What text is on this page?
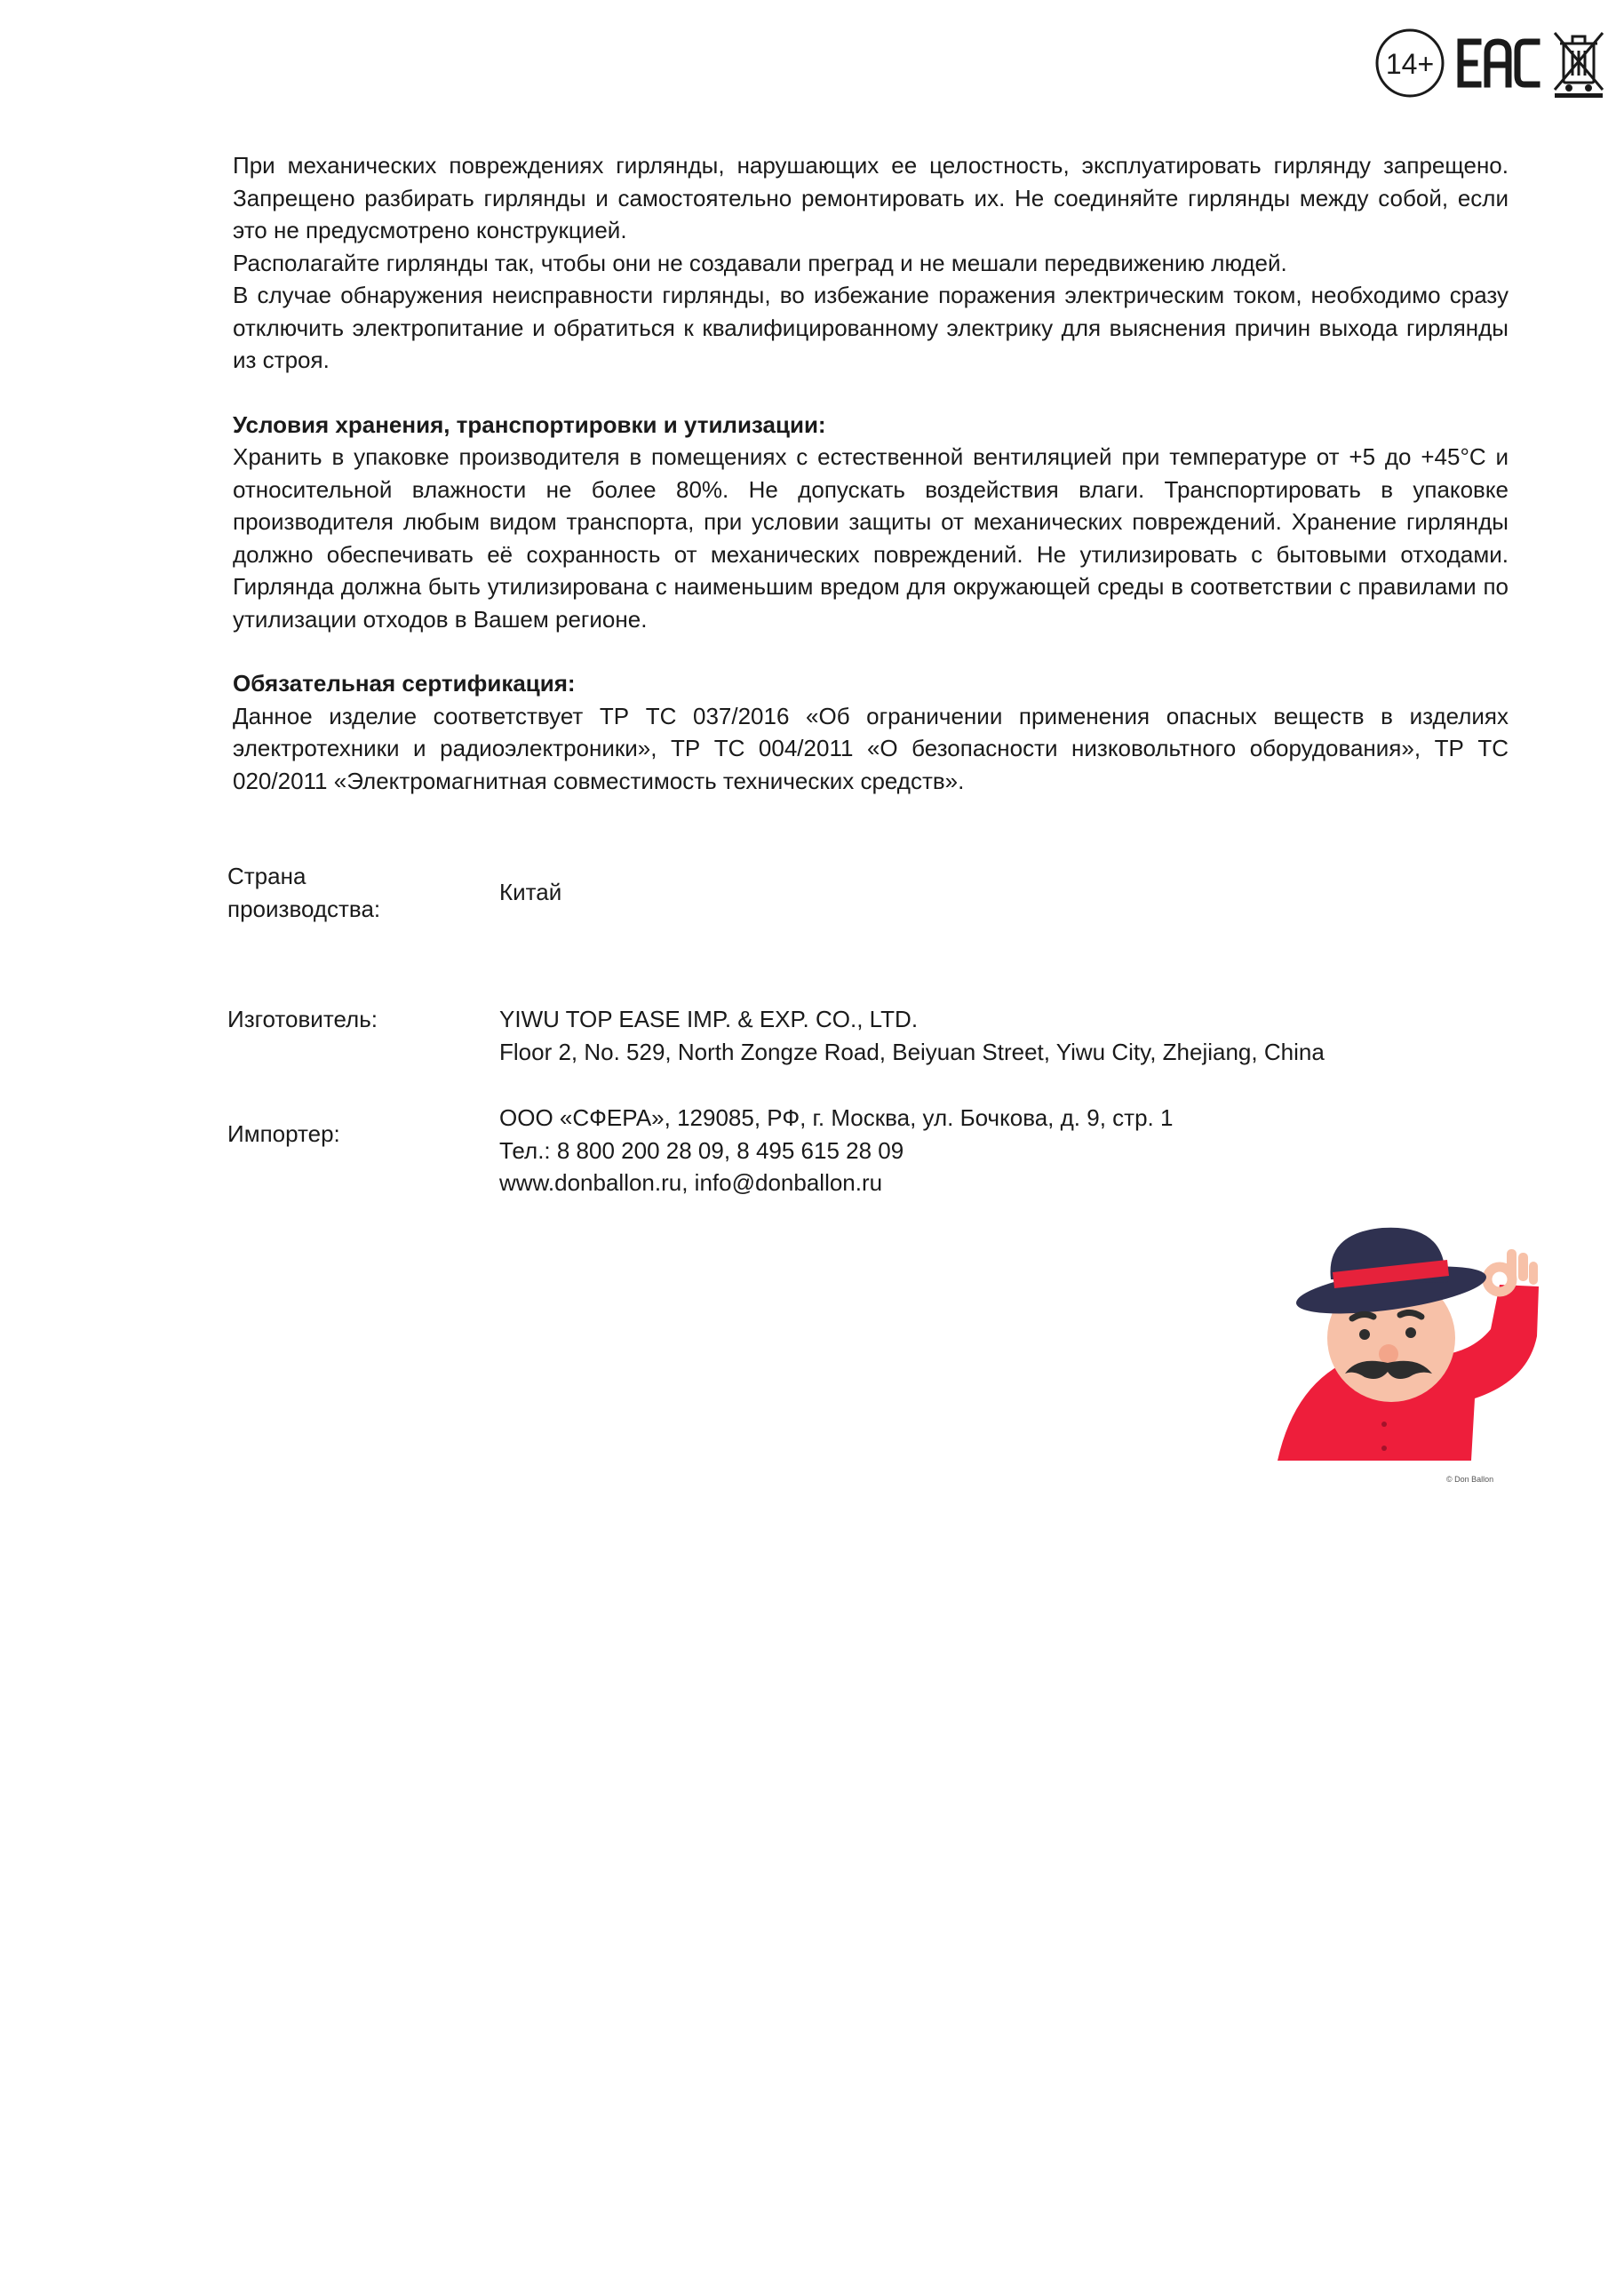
14+

При механических повреждениях гирлянды, нарушающих ее целостность, эксплуатировать гирлянду запрещено. Запрещено разбирать гирлянды и самостоятельно ремонтировать их. Не соединяйте гирлянды между собой, если это не предусмотрено конструкцией.

Располагайте гирлянды так, чтобы они не создавали преград и не мешали передвижению людей.

В случае обнаружения неисправности гирлянды, во избежание поражения электрическим током, необходимо сразу отключить электропитание и обратиться к квалифицированному электрику для выяснения причин выхода гирлянды из строя.

Условия хранения, транспортировки и утилизации:

Хранить в упаковке производителя в помещениях с естественной вентиляцией при температуре от +5 до +45°С и относительной влажности не более 80%. Не допускать воздействия влаги. Транспортировать в упаковке производителя любым видом транспорта, при условии защиты от механических повреждений. Хранение гирлянды должно обеспечивать её сохранность от механических повреждений. Не утилизировать с бытовыми отходами. Гирлянда должна быть утилизирована с наименьшим вредом для окружающей среды в соответствии с правилами по утилизации отходов в Вашем регионе.

Обязательная сертификация:

Данное изделие соответствует ТР ТС 037/2016 «Об ограничении применения опасных веществ в изделиях электротехники и радиоэлектроники», ТР ТС 004/2011 «О безопасности низковольтного оборудования», ТР ТС 020/2011 «Электромагнитная совместимость технических средств».

Страна
производства:
Китай
Изготовитель:	YIWU TOP EASE IMP. & EXP. CO., LTD.
Floor 2, No. 529, North Zongze Road, Beiyuan Street, Yiwu City, Zhejiang, China
Импортер:
ООО «СФЕРА», 129085, РФ, г. Москва, ул. Бочкова, д. 9, стр. 1
Тел.: 8 800 200 28 09, 8 495 615 28 09
www.donballon.ru, info@donballon.ru
© Don Ballon
